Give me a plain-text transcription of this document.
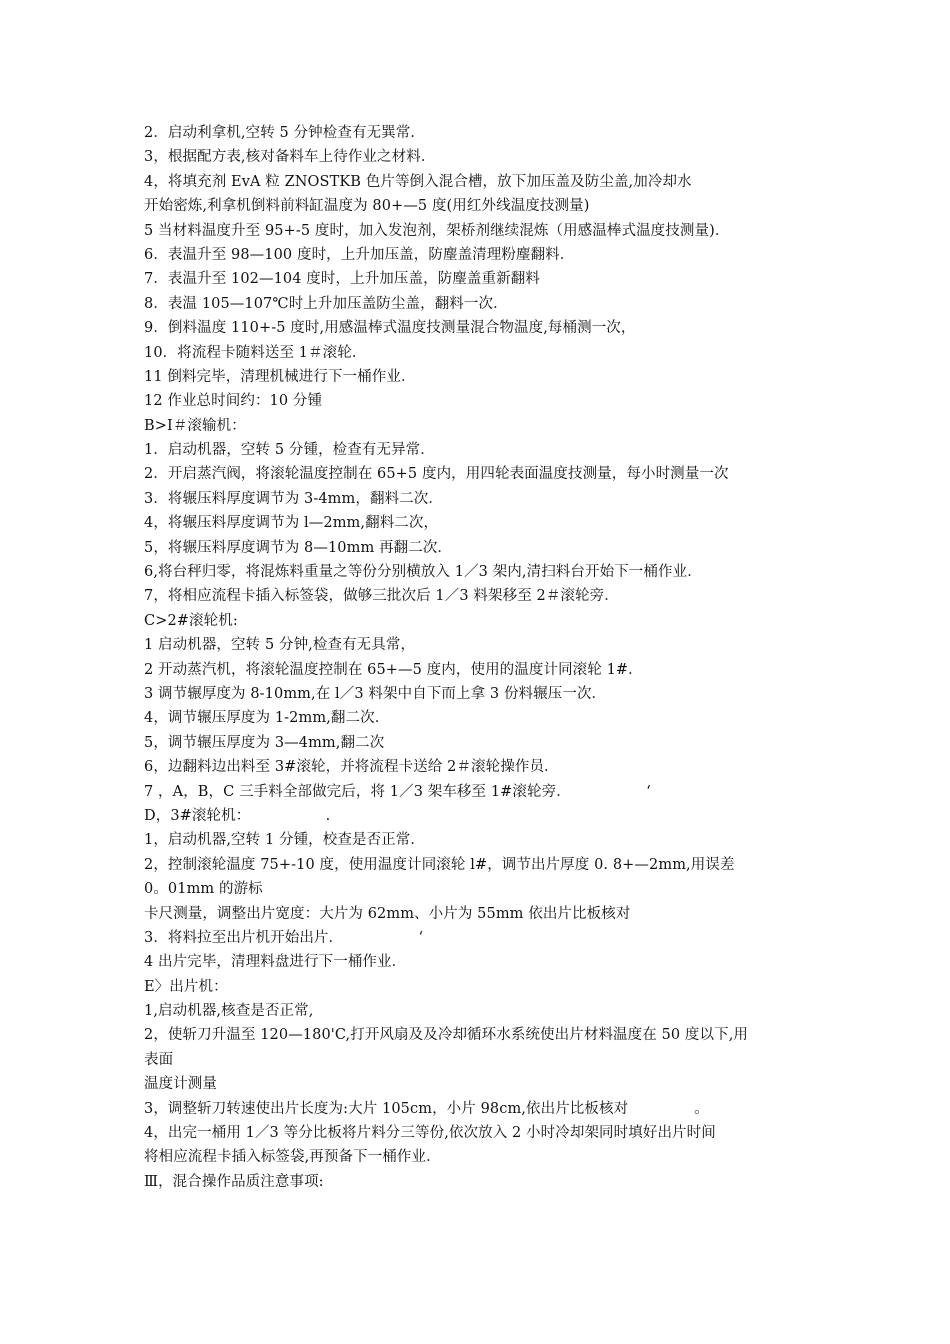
2．启动利拿机,空转 5 分钟检查有无巽常．
3，根据配方表,核对备料车上待作业之材料．
4，将填充剂 EvA 粒 ZNOSTKB 色片等倒入混合槽，放下加压盖及防尘盖,加冷却水
开始密炼,利拿机倒料前料缸温度为 80+—5 度(用红外线温度技测量)
5 当材料温度升至 95+-5 度时，加入发泡剂，架桥剂继续混炼（用感温棒式温度技测量)．
6．表温升至 98—100 度时，上升加压盖，防麈盖清理粉麈翻料．
7．表温升至 102—104 度时，上升加压盖，防麈盖重新翻料
8．表温 105—107℃时上升加压盖防尘盖，翻料一次．
9．倒料温度 110+-5 度时,用感温棒式温度技测量混合物温度,每桶测一次，
10．将流程卡随料送至 1＃滚轮．
11 倒料完毕，清理机械进行下一桶作业．
12 作业总时间约：10 分锺
B>I＃滚输机：
1．启动机器，空转 5 分锺，检查有无异常．
2．开启蒸汽阀，将滚轮温度控制在 65+5 度内，用四轮表面温度技测量，每小时测量一次
3．将辗压料厚度调节为 3-4mm，翻料二次．
4，将辗压料厚度调节为 l—2mm,翻料二次，
5，将辗压料厚度调节为 8—10mm 再翻二次．
6,将台秤归零，将混炼料重量之等份分别横放入 1／3 架内,清扫料台开始下一桶作业．
7，将相应流程卡插入标签袋，做够三批次后 1／3 料架移至 2＃滚轮旁．
C>2#滚轮机:
1 启动机器，空转 5 分钟,检查有无具常，
2 开动蒸汽机，将滚轮温度控制在 65+—5 度内，使用的温度计同滚轮 1#．
3 调节辗厚度为 8-10mm,在 l／3 料架中自下而上拿 3 份料辗压一次．
4，调节辗压厚度为 1-2mm,翻二次．
5，调节辗压厚度为 3—4mm,翻二次
6，边翻料边出料至 3#滚轮，并将流程卡送给 2＃滚轮操作员．
7 ，A，B，C 三手料全部做完后，将 1／3 架车移至 1#滚轮旁．                ‘
D，3#滚轮机：                .
1，启动机器,空转 1 分锺，校查是否正常．
2，控制滚轮温度 75+-10 度，使用温度计同滚轮 l#，调节出片厚度 0. 8+—2mm,用误差
0。01mm 的游标
卡尺测量，调整出片宽度：大片为 62mm、小片为 55mm 依出片比板核对
3．将料拉至出片机开始出片．                ‘
4 出片完毕，清理料盘进行下一桶作业．
E〉出片机：
1,启动机器,核查是否正常,
2，使斩刀升温至 120—180'C,打开风扇及及冷却循环水系统使出片材料温度在 50 度以下,用
表面
温度计测量
3，调整斩刀转速使出片长度为:大片 105cm，小片 98cm,依出片比板核对              。
4，出完一桶用 1／3 等分比板将片料分三等份,依次放入 2 小时冷却架同时填好出片时间
将相应流程卡插入标签袋,再预备下一桶作业．
Ⅲ，混合操作品质注意事项:
